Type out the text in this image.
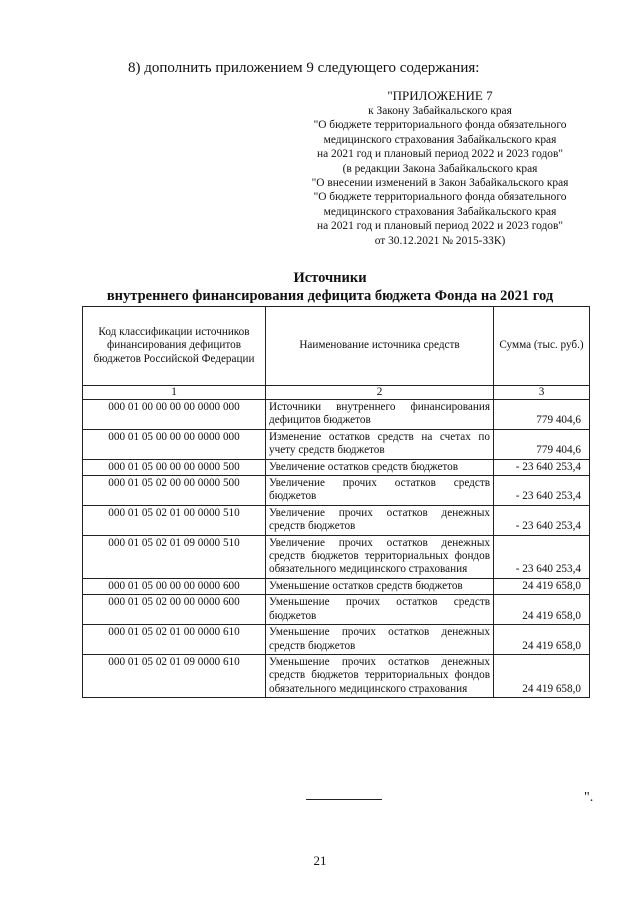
8) дополнить приложением 9 следующего содержания:
"ПРИЛОЖЕНИЕ 7
к Закону Забайкальского края
"О бюджете территориального фонда обязательного
медицинского страхования Забайкальского края
на 2021 год и плановый период 2022 и 2023 годов"
(в редакции Закона Забайкальского края
"О внесении изменений в Закон Забайкальского края
"О бюджете территориального фонда обязательного
медицинского страхования Забайкальского края
на 2021 год и плановый период 2022 и 2023 годов"
от 30.12.2021 № 2015-ЗЗК)
Источники
внутреннего финансирования дефицита бюджета Фонда на 2021 год
Код классификации источников финансирования дефицитов бюджетов Российской Федерации	Наименование источника средств	Сумма (тыс. руб.)
1	2	3
000 01 00 00 00 00 0000 000	Источники внутреннего финансирования дефицитов бюджетов	779 404,6
000 01 05 00 00 00 0000 000	Изменение остатков средств на счетах по учету средств бюджетов	779 404,6
000 01 05 00 00 00 0000 500	Увеличение остатков средств бюджетов	- 23 640 253,4
000 01 05 02 00 00 0000 500	Увеличение прочих остатков средств бюджетов	- 23 640 253,4
000 01 05 02 01 00 0000 510	Увеличение прочих остатков денежных средств бюджетов	- 23 640 253,4
000 01 05 02 01 09 0000 510	Увеличение прочих остатков денежных средств бюджетов территориальных фондов обязательного медицинского страхования	- 23 640 253,4
000 01 05 00 00 00 0000 600	Уменьшение остатков средств бюджетов	24 419 658,0
000 01 05 02 00 00 0000 600	Уменьшение прочих остатков средств бюджетов	24 419 658,0
000 01 05 02 01 00 0000 610	Уменьшение прочих остатков денежных средств бюджетов	24 419 658,0
000 01 05 02 01 09 0000 610	Уменьшение прочих остатков денежных средств бюджетов территориальных фондов обязательного медицинского страхования	24 419 658,0
".
21
